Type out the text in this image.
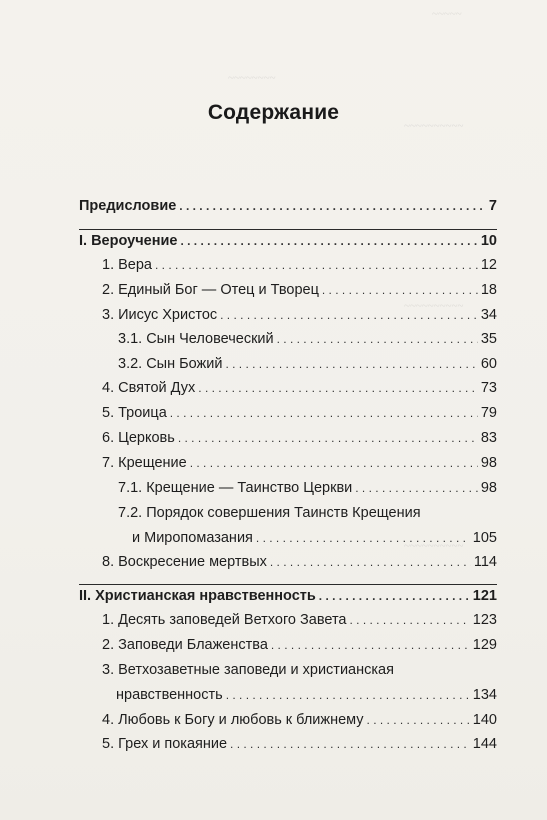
~~~~~
~~~~~~~~
~~~~~~~~~~
~~~~~~~~~~
~~~~~~~~~~
Содержание
Предисловие . . .	7
I. Вероучение . . .	10
1. Вера . . .	12
2. Единый Бог — Отец и Творец . . .	18
3. Иисус Христос . . .	34
3.1. Сын Человеческий . . .	35
3.2. Сын Божий . . .	60
4. Святой Дух . . .	73
5. Троица . . .	79
6. Церковь . . .	83
7. Крещение . . .	98
7.1. Крещение — Таинство Церкви . . .	98
7.2. Порядок совершения Таинств Крещения
и Миропомазания . . .	105
8. Воскресение мертвых . . .	114
II. Христианская нравственность . . .	121
1. Десять заповедей Ветхого Завета . . .	123
2. Заповеди Блаженства . . .	129
3. Ветхозаветные заповеди и христианская
нравственность . . .	134
4. Любовь к Богу и любовь к ближнему . . .	140
5. Грех и покаяние . . .	144
